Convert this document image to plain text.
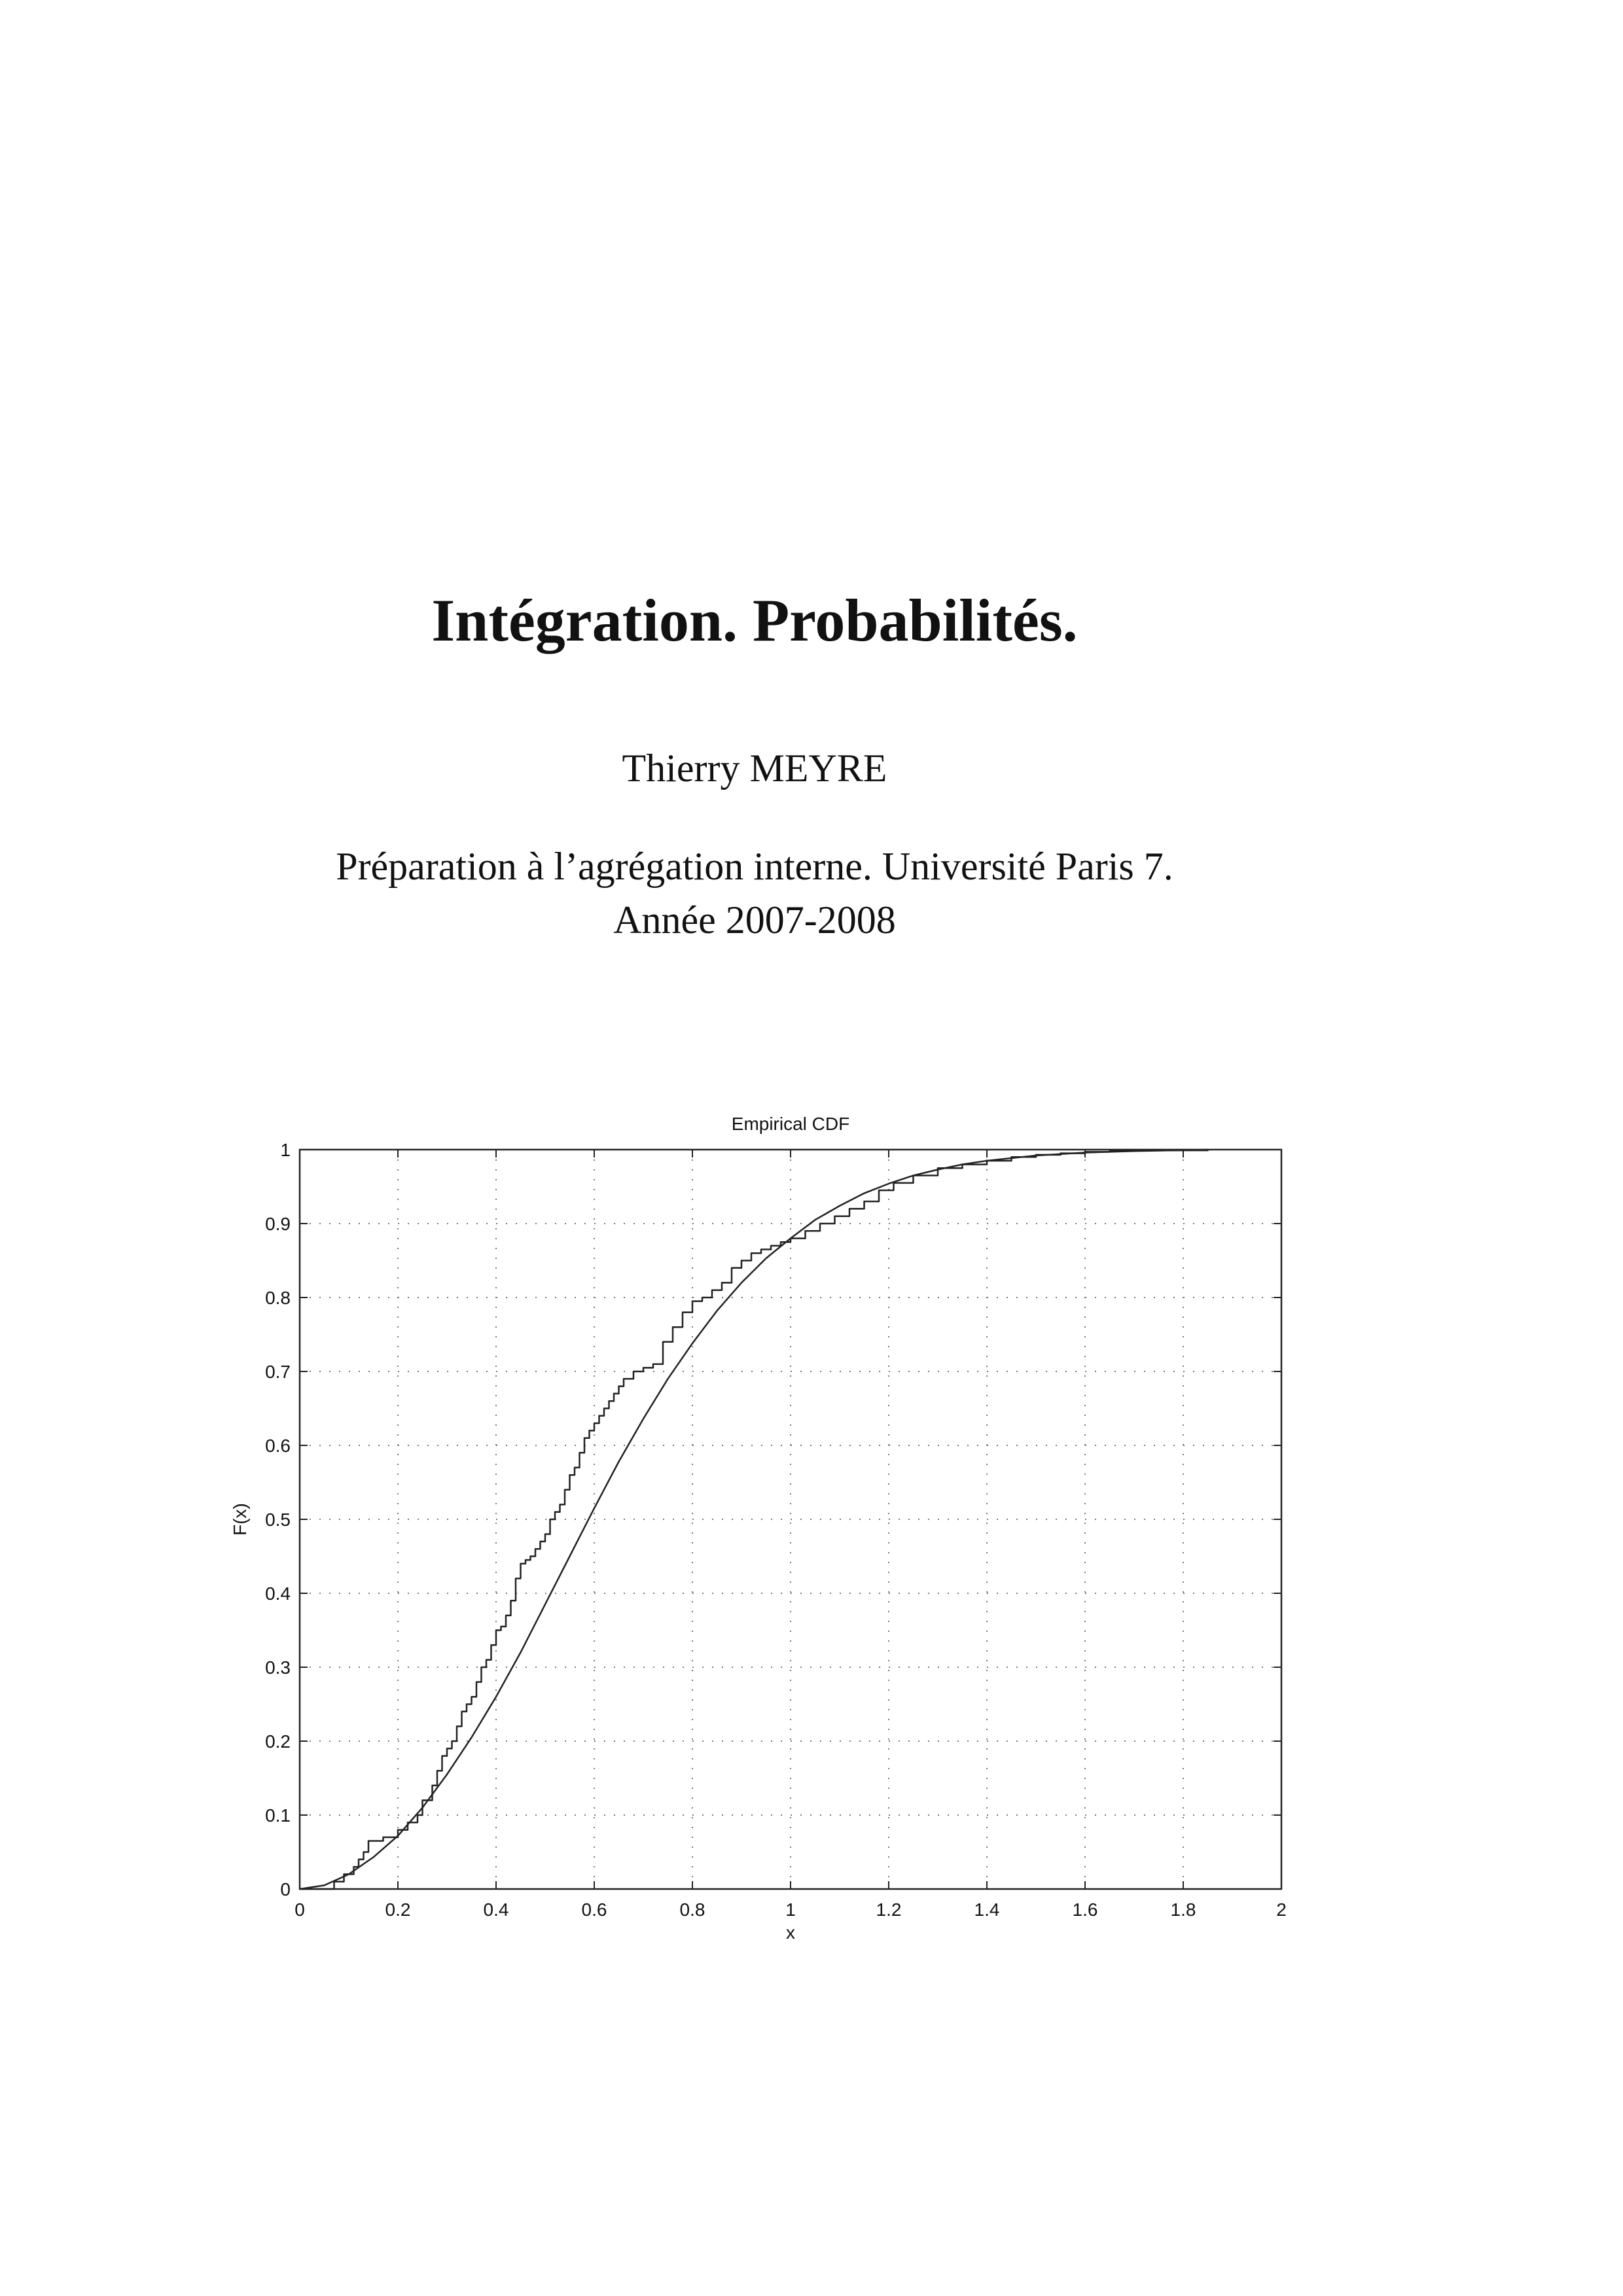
Intégration. Probabilités.
Thierry MEYRE
Préparation à l’agrégation interne. Université Paris 7.
Année 2007-2008
0	0.2	0.4	0.6	0.8	1	1.2	1.4	1.6	1.8	2
0
0.1
0.2
0.3
0.4
0.5
0.6
0.7
0.8
0.9
1
Empirical CDF
x
F(x)
